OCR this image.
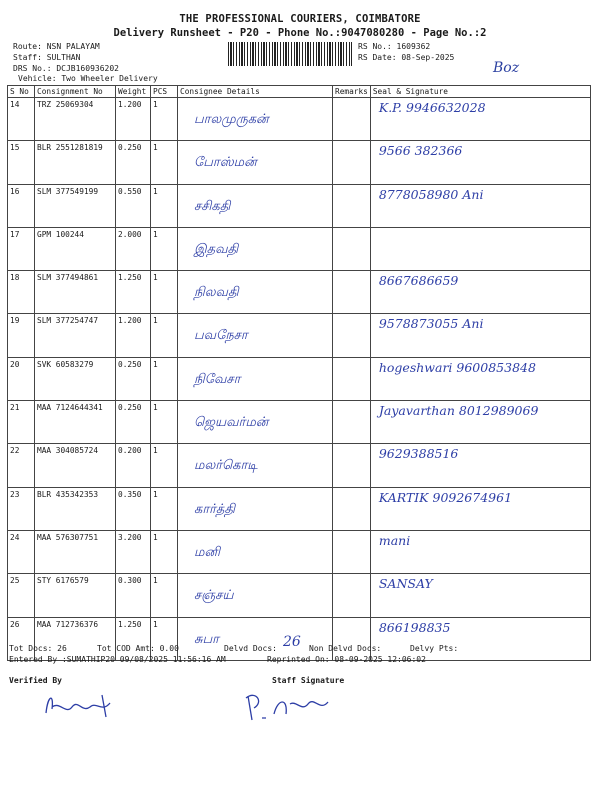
THE PROFESSIONAL COURIERS, COIMBATORE
Delivery Runsheet - P20 - Phone No.:9047080280 - Page No.:2
Route: NSN PALAYAM
Staff: SULTHAN
DRS No.: DCJB160936202
Vehicle: Two Wheeler Delivery
RS No.: 1609362
RS Date: 08-Sep-2025
Boz
S No	Consignment No	Weight	PCS	Consignee Details	Remarks	Seal & Signature
14	TRZ 25069304	1.200	1	பாலமுருகன்		K.P. 9946632028

15	BLR 2551281819	0.250	1	போஸ்மன்		9566 382366

16	SLM 377549199	0.550	1	சசிகதி		8778058980 Ani

17	GPM 100244	2.000	1	இதவதி		

18	SLM 377494861	1.250	1	நிலவதி		8667686659

19	SLM 377254747	1.200	1	பவநேசா		9578873055 Ani

20	SVK 60583279	0.250	1	நிவேசா		hogeshwari 9600853848

21	MAA 7124644341	0.250	1	ஜெயவர்மன்		Jayavarthan 8012989069

22	MAA 304085724	0.200	1	மலர்கொடி		9629388516

23	BLR 435342353	0.350	1	கார்த்தி		KARTIK 9092674961

24	MAA 576307751	3.200	1	மனி		mani

25	STY 6176579	0.300	1	சஞ்சய்		SANSAY

26	MAA 712736376	1.250	1	சுபா		866198835
Tot Docs: 26	Tot COD Amt: 0.00	Delvd Docs: 26 Non Delvd Docs:	Delvy Pts:
Entered By :SUMATHIP20 09/08/2025 11:56:16 AM	Reprinted On: 08-09-2025 12:06:02
Verified By	Staff Signature
